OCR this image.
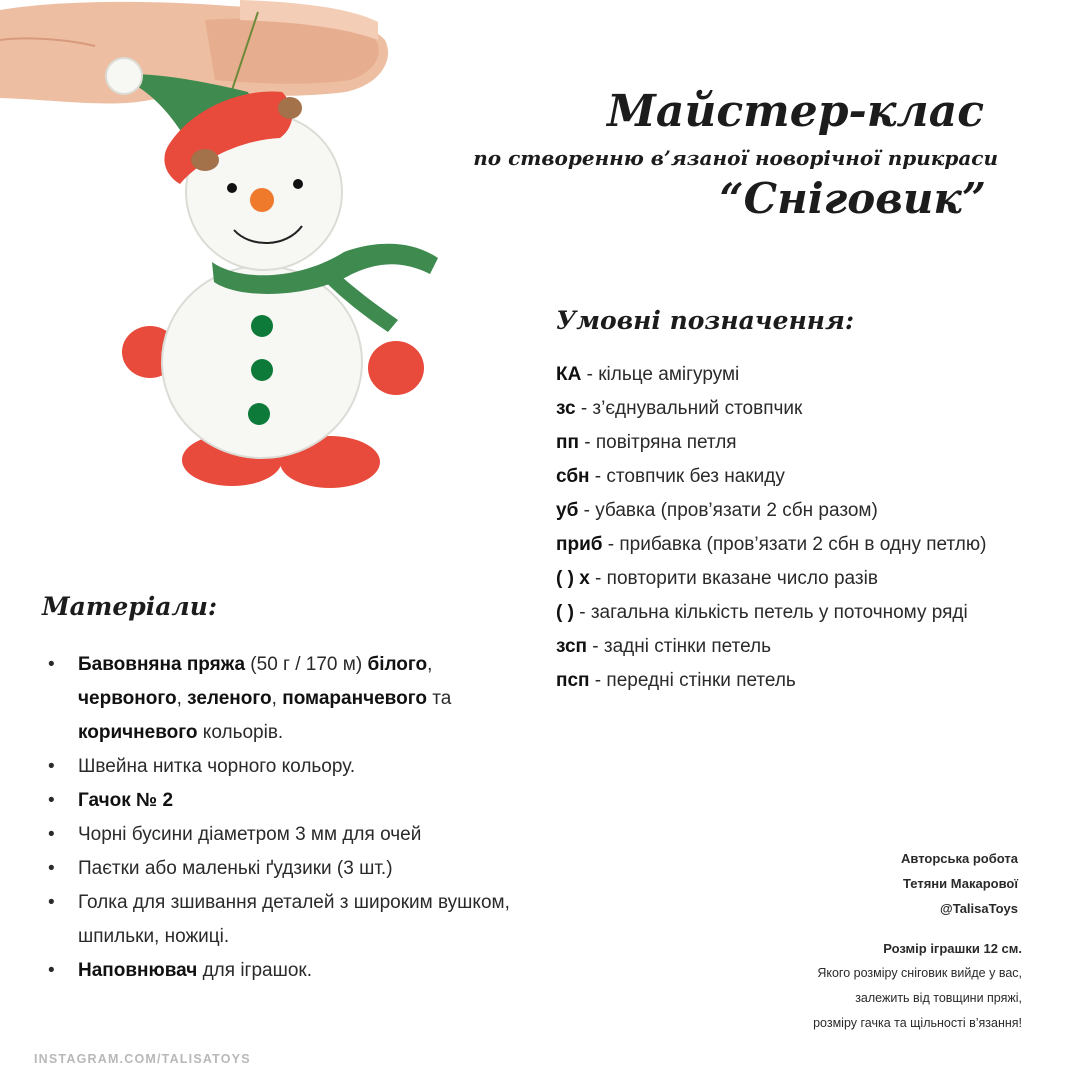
Майстер-клас
по створенню в’язаної новорічної прикраси
“Сніговик”
Умовні позначення:

КА - кільце амігурумі

зс - з’єднувальний стовпчик

пп - повітряна петля

сбн - стовпчик без накиду

уб - убавка (пров’язати 2 сбн разом)

приб - прибавка (пров’язати 2 сбн в одну петлю)

( ) х - повторити вказане число разів

( ) - загальна кількість петель у поточному ряді

зсп - задні стінки петель

псп - передні стінки петель

Матеріали:
• Бавовняна пряжа (50 г / 170 м) білого, червоного, зеленого, помаранчевого та коричневого кольорів.
• Швейна нитка чорного кольору.
• Гачок № 2
• Чорні бусини діаметром 3 мм для очей
• Паєтки або маленькі ґудзики (3 шт.)
• Голка для зшивання деталей з широким вушком, шпильки, ножиці.
• Наповнювач для іграшок.
Авторська робота
Тетяни Макарової
@TalisaToys
Розмір іграшки 12 см.
Якого розміру сніговик вийде у вас,
залежить від товщини пряжі,
розміру гачка та щільності в’язання!
INSTAGRAM.COM/TALISATOYS
